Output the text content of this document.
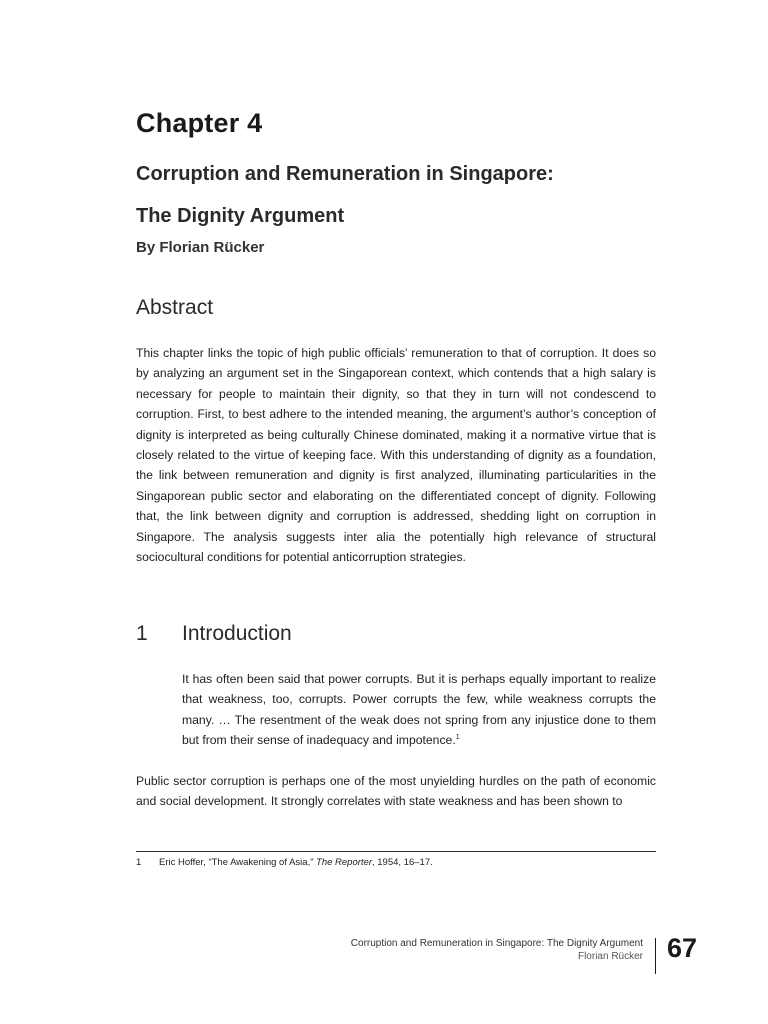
Chapter 4
Corruption and Remuneration in Singapore:
The Dignity Argument
By Florian Rücker
Abstract
This chapter links the topic of high public officials’ remuneration to that of corruption. It does so by analyzing an argument set in the Singaporean context, which contends that a high salary is necessary for people to maintain their dignity, so that they in turn will not condescend to corruption. First, to best adhere to the intended meaning, the argument’s author’s conception of dignity is interpreted as being culturally Chinese dominated, making it a normative virtue that is closely related to the virtue of keeping face. With this understanding of dignity as a foundation, the link between remuneration and dignity is first analyzed, illuminating particularities in the Singaporean public sector and elaborating on the differentiated concept of dignity. Following that, the link between dignity and corruption is addressed, shedding light on corruption in Singapore. The analysis suggests inter alia the potentially high relevance of structural sociocultural conditions for potential anticorruption strategies.
1 Introduction
It has often been said that power corrupts. But it is perhaps equally important to realize that weakness, too, corrupts. Power corrupts the few, while weakness corrupts the many. … The resentment of the weak does not spring from any injustice done to them but from their sense of inadequacy and impotence.$^1$
Public sector corruption is perhaps one of the most unyielding hurdles on the path of economic and social development. It strongly correlates with state weakness and has been shown to
1 Eric Hoffer, “The Awakening of Asia,” The Reporter, 1954, 16–17.
Corruption and Remuneration in Singapore: The Dignity Argument
Florian Rücker 67
